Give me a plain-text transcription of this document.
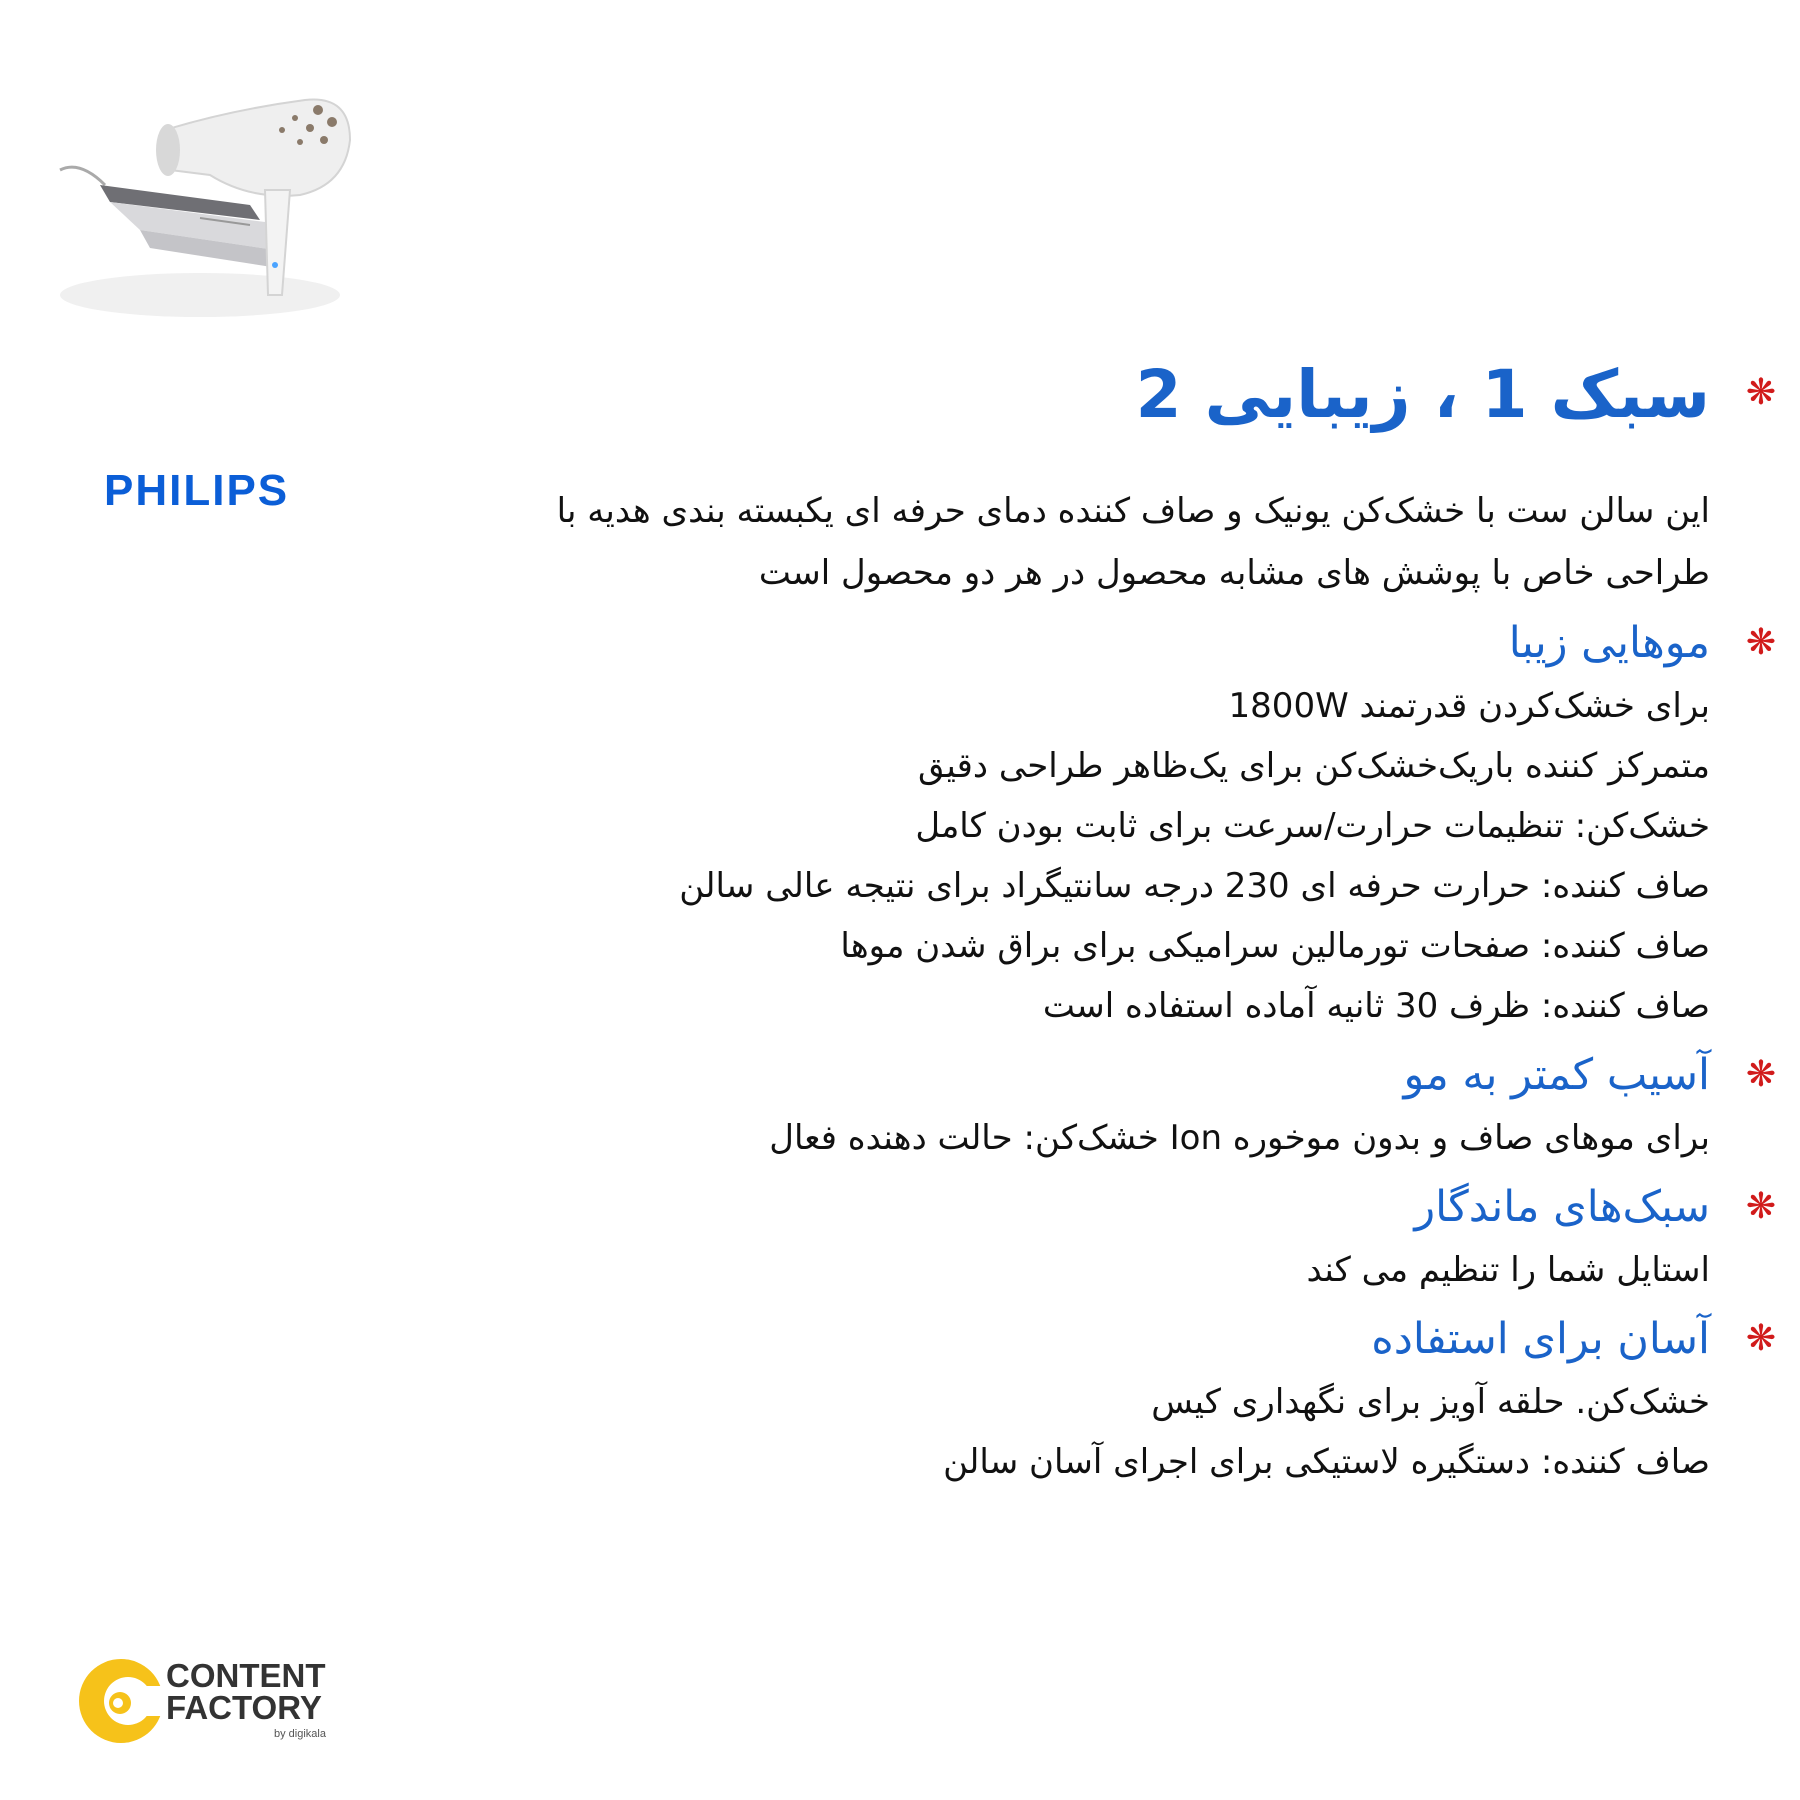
PHILIPS
❋
سبک 1 ، زیبایی 2
این سالن ست با خشک‌کن یونیک و صاف کننده دمای حرفه ای یکبسته بندی هدیه با طراحی خاص با پوشش های مشابه محصول در هر دو محصول است
❋
موهایی زیبا
برای خشک‌کردن قدرتمند 1800W
متمرکز کننده باریک‌خشک‌کن برای یک‌ظاهر طراحی دقیق
خشک‌کن: تنظیمات حرارت/سرعت برای ثابت بودن کامل
صاف کننده: حرارت حرفه ای 230 درجه سانتیگراد برای نتیجه عالی سالن
صاف کننده: صفحات تورمالین سرامیکی برای براق شدن موها
صاف کننده: ظرف 30 ثانیه آماده استفاده است
❋
آسیب کمتر به مو
برای موهای صاف و بدون موخوره Ion خشک‌کن: حالت دهنده فعال
❋
سبک‌های ماندگار
استایل شما را تنظیم می کند
❋
آسان برای استفاده
خشک‌کن. حلقه آویز برای نگهداری کیس
صاف کننده: دستگیره لاستیکی برای اجرای آسان سالن
CONTENT
FACTORY
by digikala
